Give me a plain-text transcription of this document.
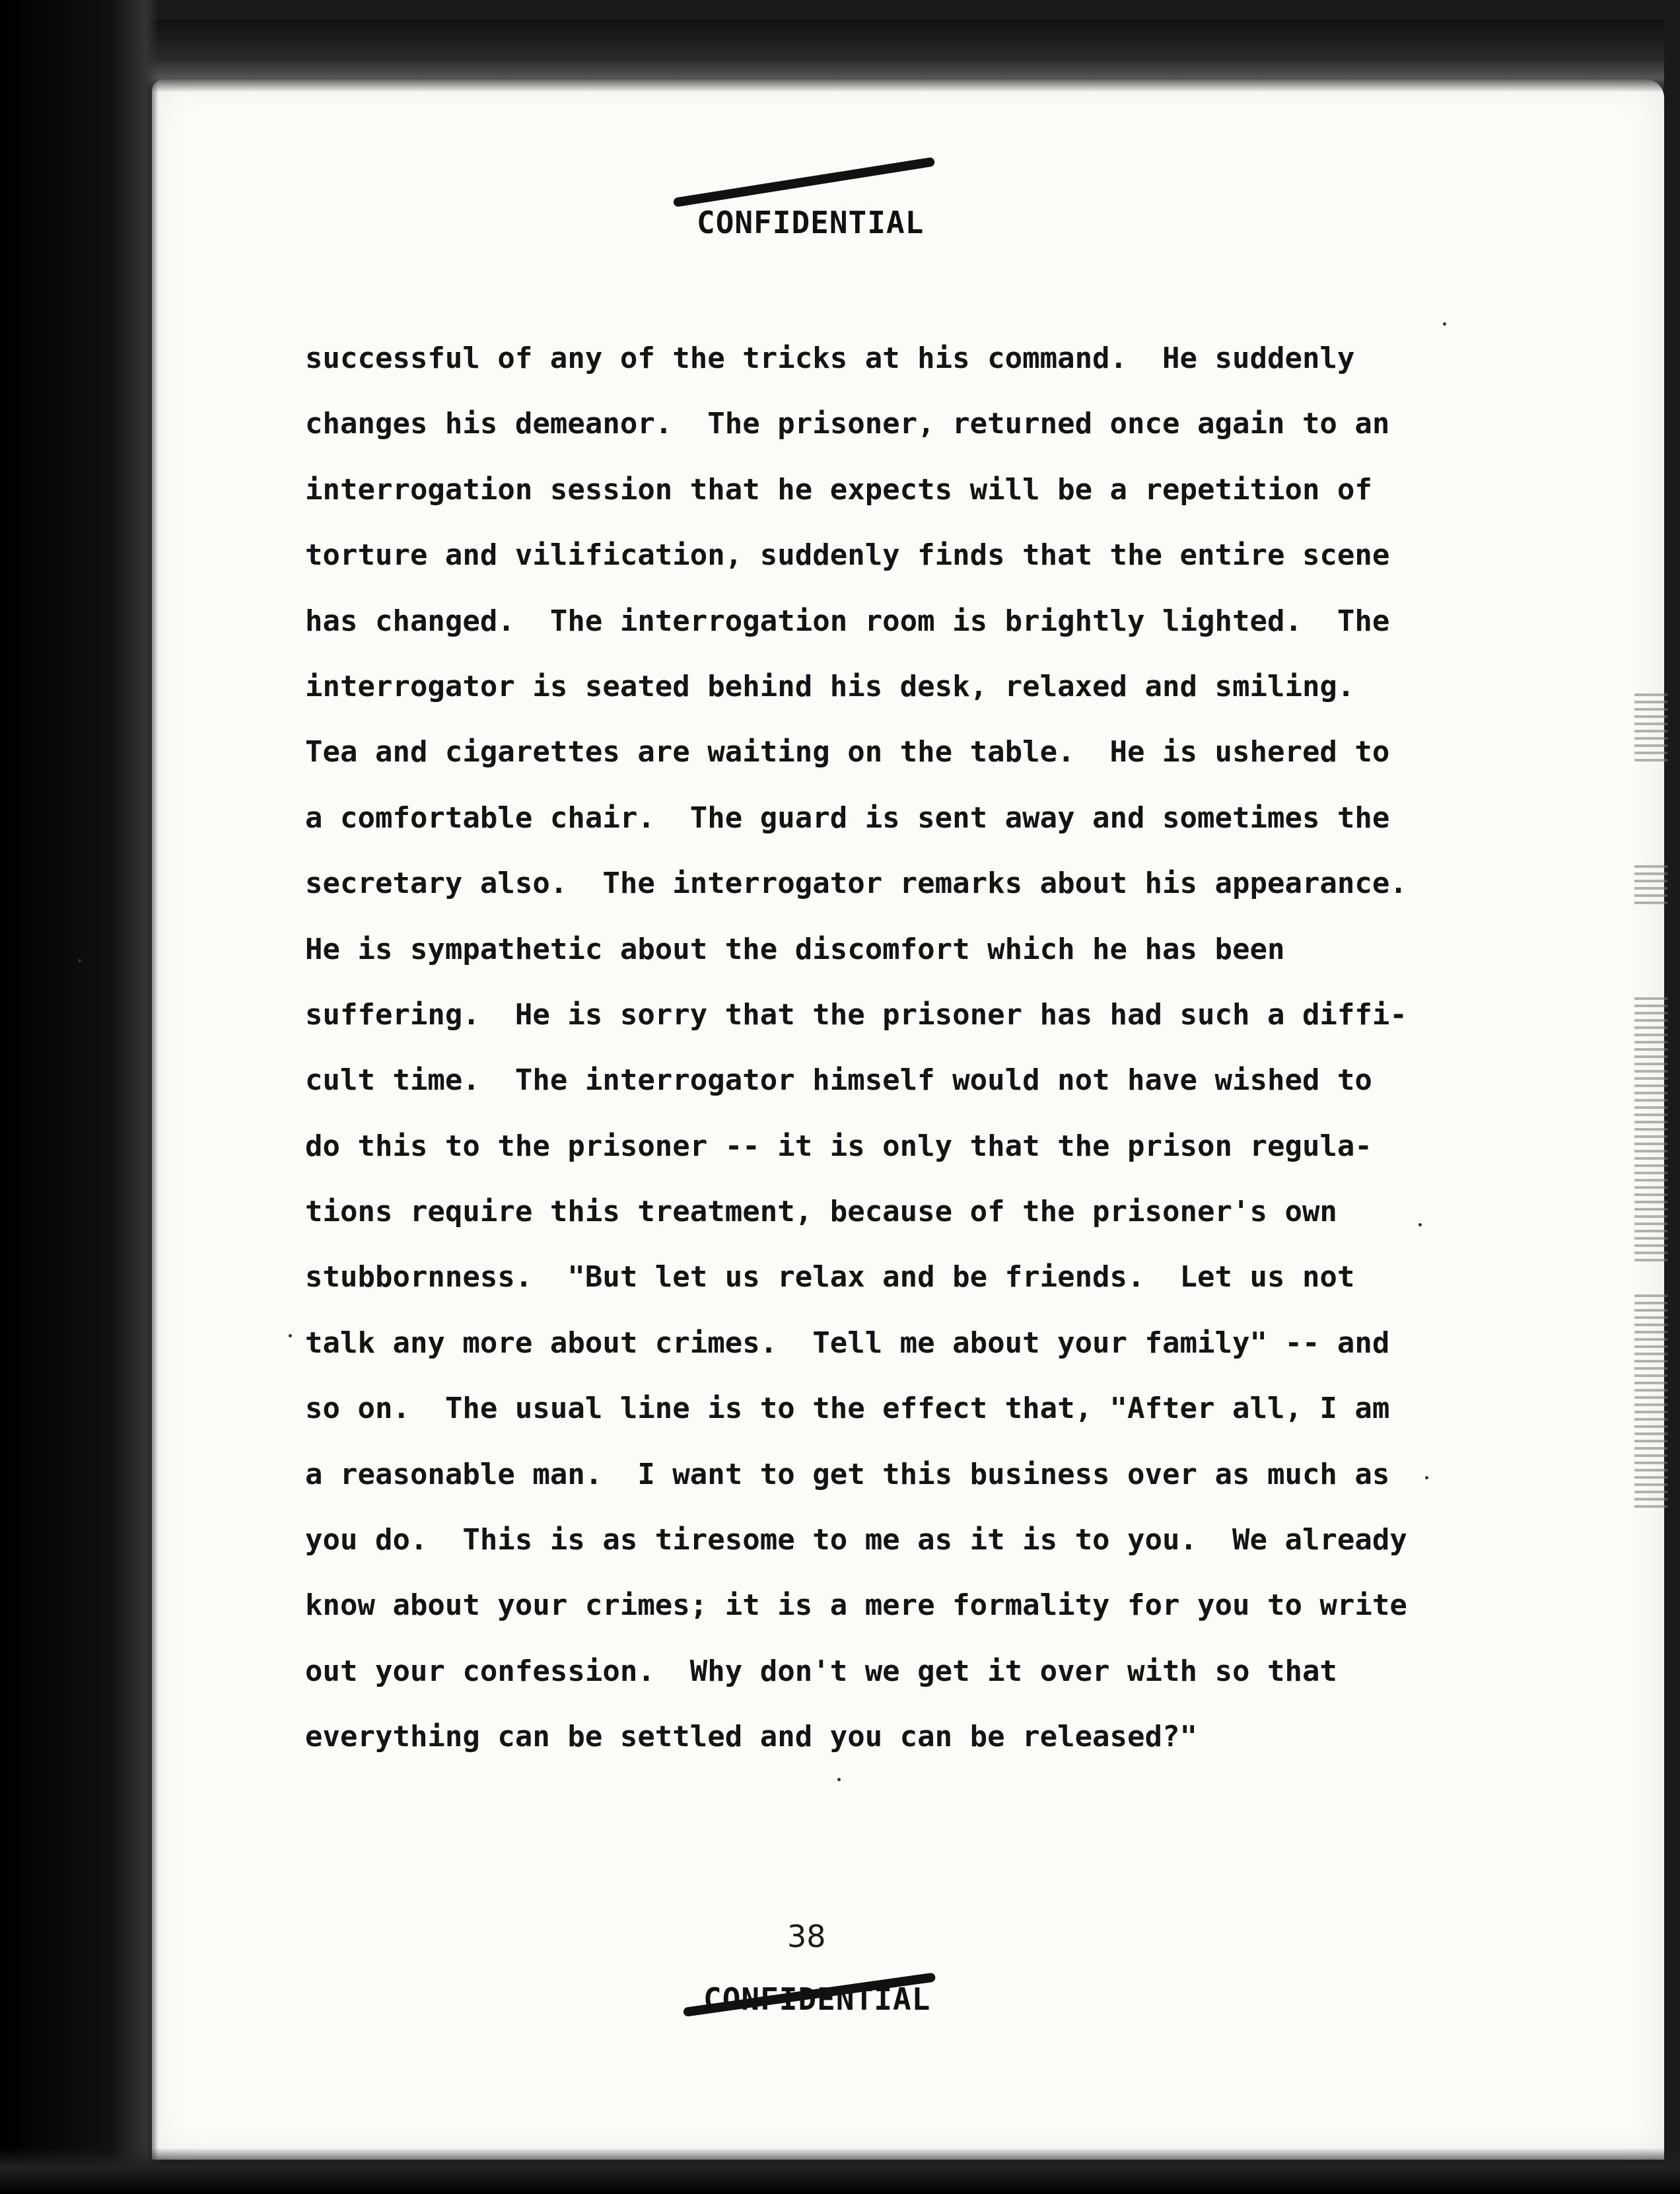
CONFIDENTIAL
successful of any of the tricks at his command.  He suddenly
changes his demeanor.  The prisoner, returned once again to an
interrogation session that he expects will be a repetition of
torture and vilification, suddenly finds that the entire scene
has changed.  The interrogation room is brightly lighted.  The
interrogator is seated behind his desk, relaxed and smiling.
Tea and cigarettes are waiting on the table.  He is ushered to
a comfortable chair.  The guard is sent away and sometimes the
secretary also.  The interrogator remarks about his appearance.
He is sympathetic about the discomfort which he has been
suffering.  He is sorry that the prisoner has had such a diffi-
cult time.  The interrogator himself would not have wished to
do this to the prisoner -- it is only that the prison regula-
tions require this treatment, because of the prisoner's own
stubbornness.  "But let us relax and be friends.  Let us not
talk any more about crimes.  Tell me about your family" -- and
so on.  The usual line is to the effect that, "After all, I am
a reasonable man.  I want to get this business over as much as
you do.  This is as tiresome to me as it is to you.  We already
know about your crimes; it is a mere formality for you to write
out your confession.  Why don't we get it over with so that
everything can be settled and you can be released?"
38
CONFIDENTIAL
